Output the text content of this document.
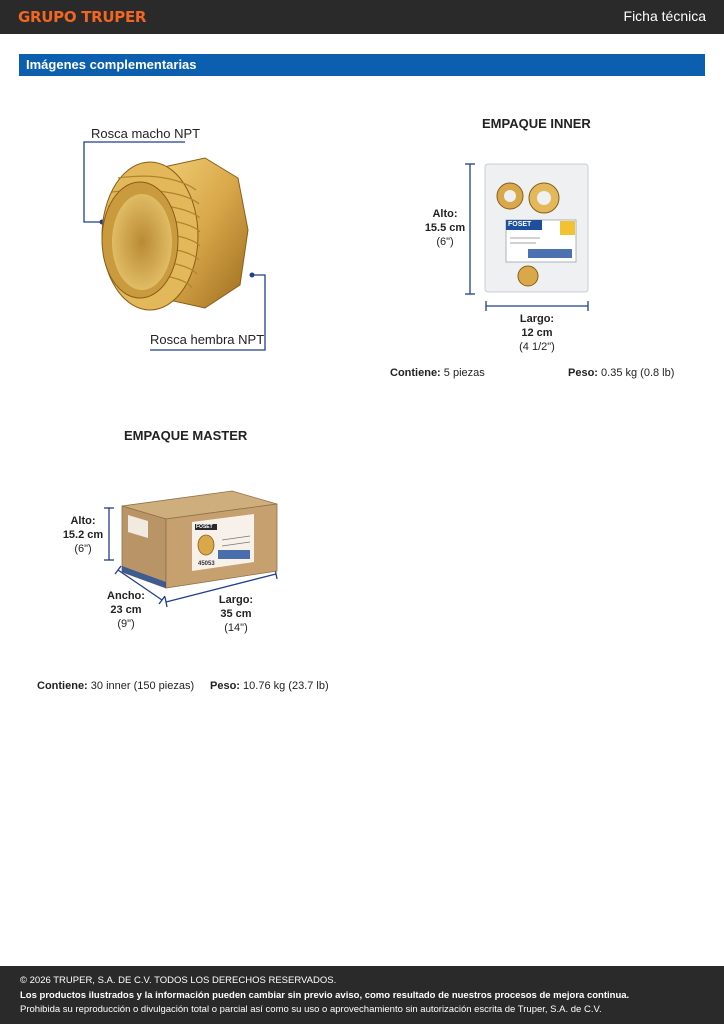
GRUPO TRUPER	Ficha técnica
Imágenes complementarias
Rosca macho NPT
Rosca hembra NPT
EMPAQUE INNER
FOSET
Alto:
15.5 cm
(6")
Largo:
12 cm
(4 1/2")
Contiene: 5 piezas	Peso: 0.35 kg (0.8 lb)
EMPAQUE MASTER
FOSET
45053
Alto:
15.2 cm
(6")
Ancho:
23 cm
(9")
Largo:
35 cm
(14")
Contiene: 30 inner (150 piezas) Peso: 10.76 kg (23.7 lb)
© 2026 TRUPER, S.A. DE C.V. TODOS LOS DERECHOS RESERVADOS.
Los productos ilustrados y la información pueden cambiar sin previo aviso, como resultado de nuestros procesos de mejora continua.
Prohibida su reproducción o divulgación total o parcial así como su uso o aprovechamiento sin autorización escrita de Truper, S.A. de C.V.
